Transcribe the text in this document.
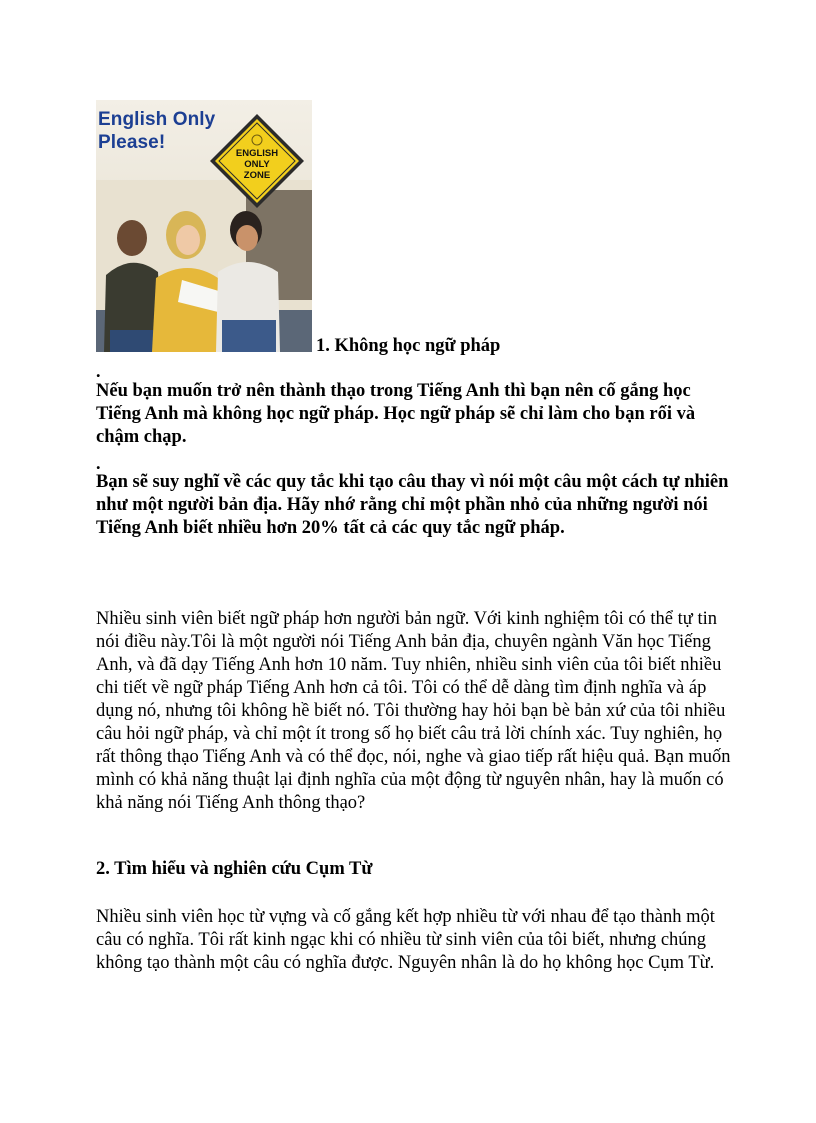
English Only
Please!
ENGLISH
ONLY
ZONE
1. Không học ngữ pháp
.
Nếu bạn muốn trở nên thành thạo trong Tiếng Anh thì bạn nên cố gắng học Tiếng Anh mà không học ngữ pháp. Học ngữ pháp sẽ chỉ làm cho bạn rối và chậm chạp.
.
Bạn sẽ suy nghĩ về các quy tắc khi tạo câu thay vì nói một câu một cách tự nhiên như một người bản địa. Hãy nhớ rằng chỉ một phần nhỏ của những người nói Tiếng Anh biết nhiều hơn 20% tất cả các quy tắc ngữ pháp.
Nhiều sinh viên biết ngữ pháp hơn người bản ngữ. Với kinh nghiệm tôi có thể tự tin nói điều này.Tôi là một người nói Tiếng Anh bản địa, chuyên ngành Văn học Tiếng Anh, và đã dạy Tiếng Anh hơn 10 năm. Tuy nhiên, nhiều sinh viên của tôi biết nhiều chi tiết về ngữ pháp Tiếng Anh hơn cả tôi. Tôi có thể dễ dàng tìm định nghĩa và áp dụng nó, nhưng tôi không hề biết nó. Tôi thường hay hỏi bạn bè bản xứ của tôi nhiều câu hỏi ngữ pháp, và chỉ một ít trong số họ biết câu trả lời chính xác. Tuy nghiên, họ rất thông thạo Tiếng Anh và có thể đọc, nói, nghe và giao tiếp rất hiệu quả. Bạn muốn mình có khả năng thuật lại định nghĩa của một động từ nguyên nhân, hay là muốn có khả năng nói Tiếng Anh thông thạo?
2. Tìm hiểu và nghiên cứu Cụm Từ
Nhiều sinh viên học từ vựng và cố gắng kết hợp nhiều từ với nhau để tạo thành một câu có nghĩa. Tôi rất kinh ngạc khi có nhiều từ sinh viên của tôi biết, nhưng chúng không tạo thành một câu có nghĩa được. Nguyên nhân là do họ không học Cụm Từ.
